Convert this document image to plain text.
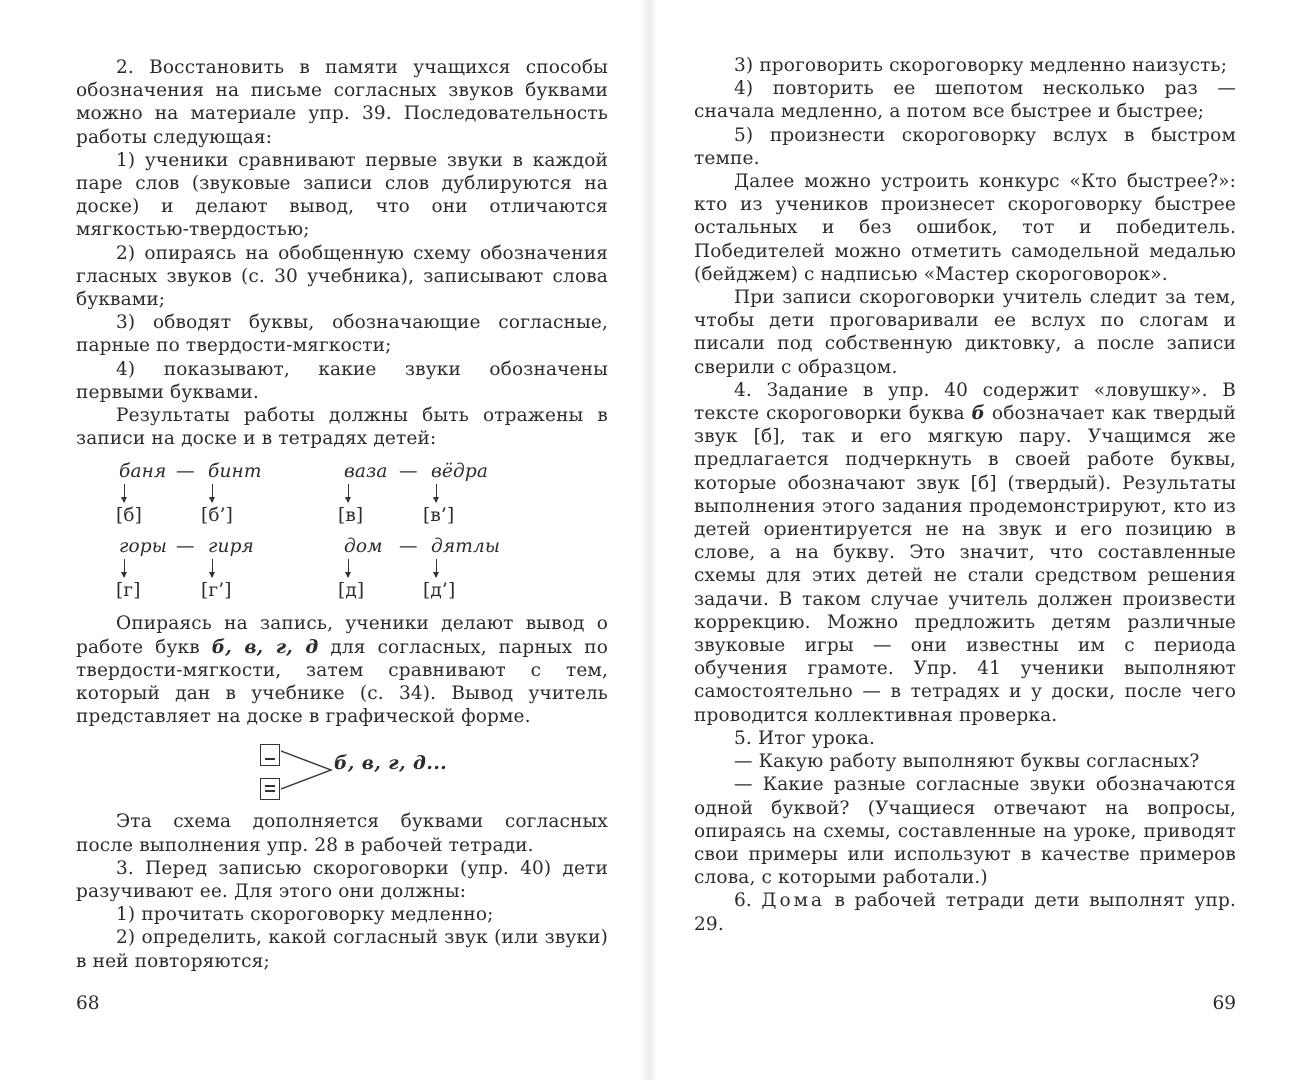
2. Восстановить в памяти учащихся способы обозначения на письме согласных звуков буквами можно на материале упр. 39. Последовательность работы следующая:

1) ученики сравнивают первые звуки в каждой паре слов (звуковые записи слов дублируются на доске) и делают вывод, что они отличаются мягкостью-твердостью;

2) опираясь на обобщенную схему обозначения гласных звуков (с. 30 учебника), записывают слова буквами;

3) обводят буквы, обозначающие согласные, парные по твердости-мягкости;

4) показывают, какие звуки обозначены первыми буквами.

Результаты работы должны быть отражены в записи на доске и в тетрадях детей:

баня — бинт	ваза — вёдра
[б]	[б’]	[в]	[в’]
горы — гиря	дом — дятлы
[г]	[г’]	[д]	[д’]

Опираясь на запись, ученики делают вывод о работе букв б, в, г, д для согласных, парных по твердости-мягкости, затем сравнивают с тем, который дан в учебнике (с. 34). Вывод учитель представляет на доске в графической форме.

б, в, г, д...

Эта схема дополняется буквами согласных после выполнения упр. 28 в рабочей тетради.

3. Перед записью скороговорки (упр. 40) дети разучивают ее. Для этого они должны:

1) прочитать скороговорку медленно;

2) определить, какой согласный звук (или звуки) в ней повторяются;

68

3) проговорить скороговорку медленно наизусть;

4) повторить ее шепотом несколько раз — сначала медленно, а потом все быстрее и быстрее;

5) произнести скороговорку вслух в быстром темпе.

Далее можно устроить конкурс «Кто быстрее?»: кто из учеников произнесет скороговорку быстрее остальных и без ошибок, тот и победитель. Победителей можно отметить самодельной медалью (бейджем) с надписью «Мастер скороговорок».

При записи скороговорки учитель следит за тем, чтобы дети проговаривали ее вслух по слогам и писали под собственную диктовку, а после записи сверили с образцом.

4. Задание в упр. 40 содержит «ловушку». В тексте скороговорки буква б обозначает как твердый звук [б], так и его мягкую пару. Учащимся же предлагается подчеркнуть в своей работе буквы, которые обозначают звук [б] (твердый). Результаты выполнения этого задания продемонстрируют, кто из детей ориентируется не на звук и его позицию в слове, а на букву. Это значит, что составленные схемы для этих детей не стали средством решения задачи. В таком случае учитель должен произвести коррекцию. Можно предложить детям различные звуковые игры — они известны им с периода обучения грамоте. Упр. 41 ученики выполняют самостоятельно — в тетрадях и у доски, после чего проводится коллективная проверка.

5. Итог урока.

— Какую работу выполняют буквы согласных?

— Какие разные согласные звуки обозначаются одной буквой? (Учащиеся отвечают на вопросы, опираясь на схемы, составленные на уроке, приводят свои примеры или используют в качестве примеров слова, с которыми работали.)

6. Дома в рабочей тетради дети выполнят упр. 29.

69
